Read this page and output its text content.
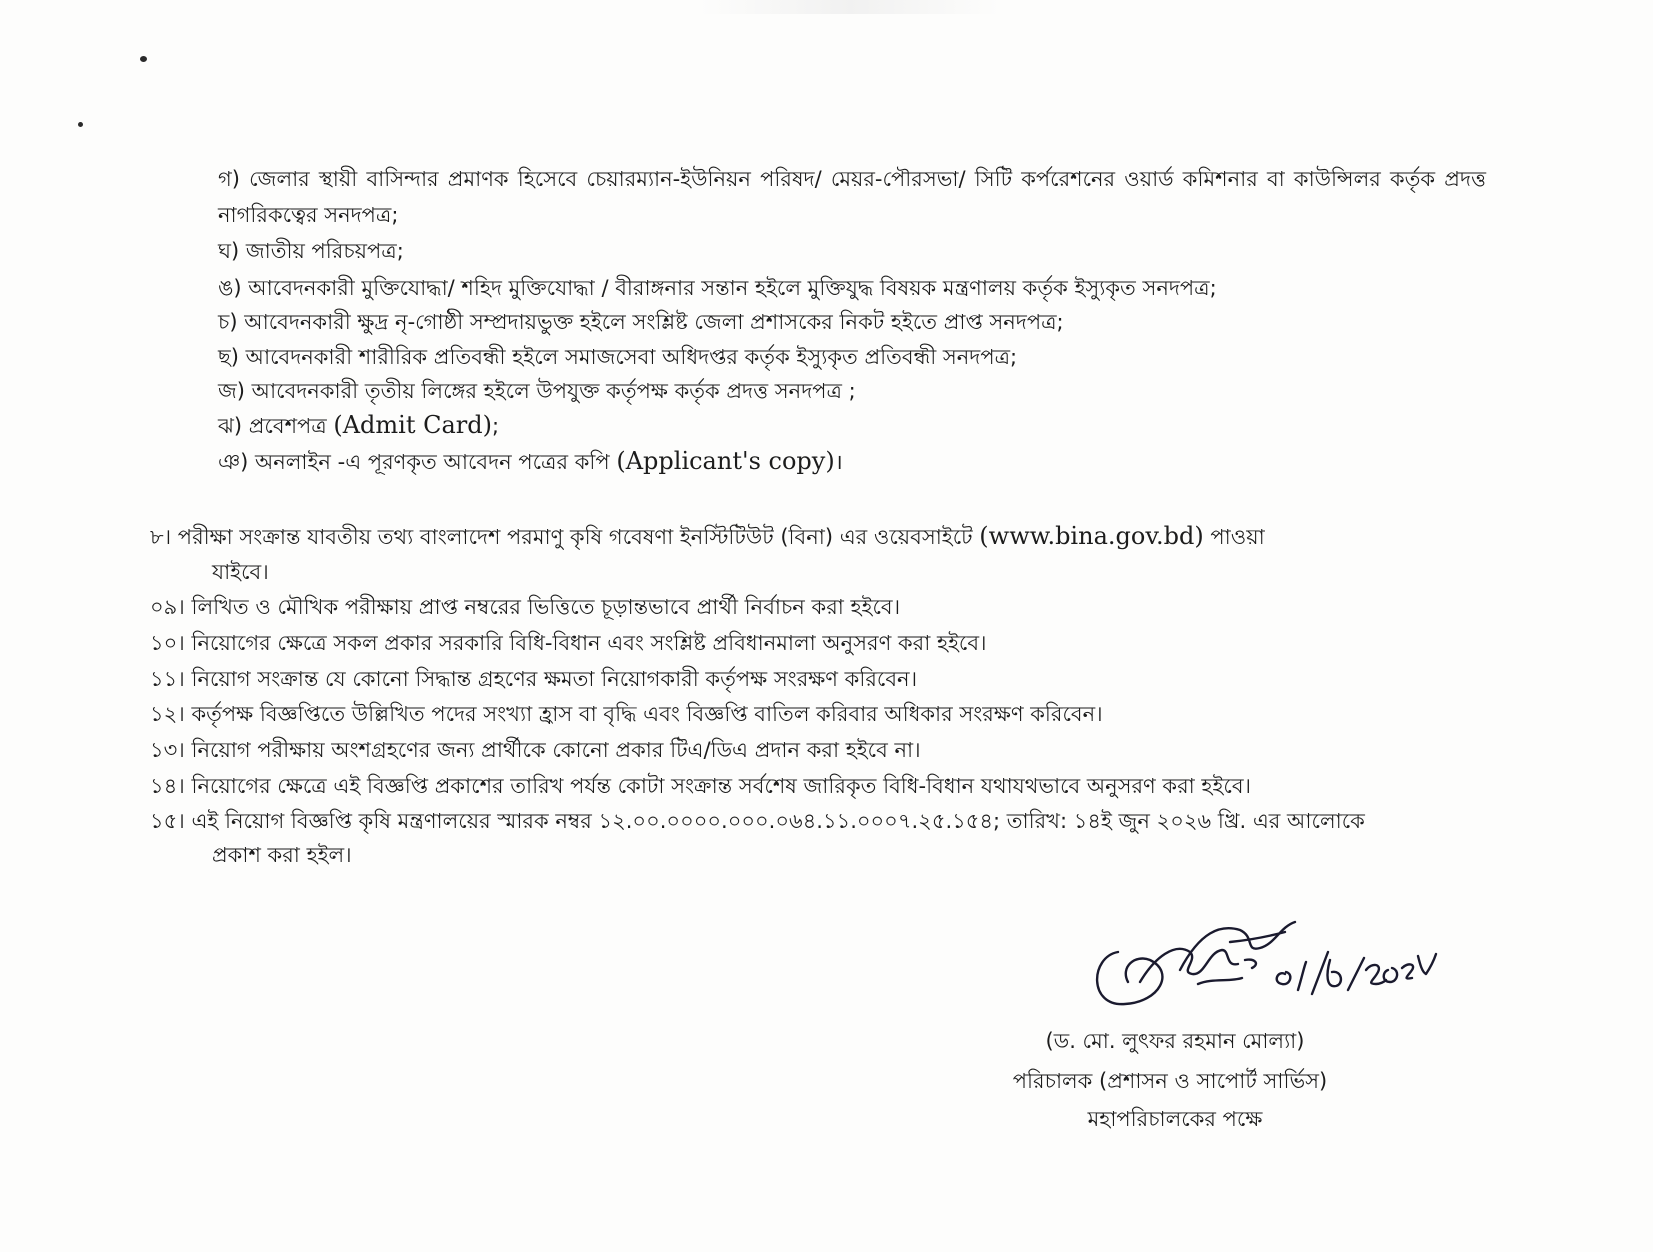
গ) জেলার স্থায়ী বাসিন্দার প্রমাণক হিসেবে চেয়ারম্যান-ইউনিয়ন পরিষদ/ মেয়র-পৌরসভা/ সিটি কর্পরেশনের ওয়ার্ড কমিশনার বা কাউন্সিলর কর্তৃক প্রদত্ত নাগরিকত্বের সনদপত্র;
ঘ) জাতীয় পরিচয়পত্র;
ঙ) আবেদনকারী মুক্তিযোদ্ধা/ শহিদ মুক্তিযোদ্ধা / বীরাঙ্গনার সন্তান হইলে মুক্তিযুদ্ধ বিষয়ক মন্ত্রণালয় কর্তৃক ইস্যুকৃত সনদপত্র;
চ) আবেদনকারী ক্ষুদ্র নৃ-গোষ্ঠী সম্প্রদায়ভুক্ত হইলে সংশ্লিষ্ট জেলা প্রশাসকের নিকট হইতে প্রাপ্ত সনদপত্র;
ছ) আবেদনকারী শারীরিক প্রতিবন্ধী হইলে সমাজসেবা অধিদপ্তর কর্তৃক ইস্যুকৃত প্রতিবন্ধী সনদপত্র;
জ) আবেদনকারী তৃতীয় লিঙ্গের হইলে উপযুক্ত কর্তৃপক্ষ কর্তৃক প্রদত্ত সনদপত্র ;
ঝ) প্রবেশপত্র (Admit Card);
ঞ) অনলাইন -এ পূরণকৃত আবেদন পত্রের কপি (Applicant's copy)।
৮। পরীক্ষা সংক্রান্ত যাবতীয় তথ্য বাংলাদেশ পরমাণু কৃষি গবেষণা ইনস্টিটিউট (বিনা) এর ওয়েবসাইটে (www.bina.gov.bd) পাওয়া
যাইবে।
০৯। লিখিত ও মৌখিক পরীক্ষায় প্রাপ্ত নম্বরের ভিত্তিতে চূড়ান্তভাবে প্রার্থী নির্বাচন করা হইবে।
১০। নিয়োগের ক্ষেত্রে সকল প্রকার সরকারি বিধি-বিধান এবং সংশ্লিষ্ট প্রবিধানমালা অনুসরণ করা হইবে।
১১। নিয়োগ সংক্রান্ত যে কোনো সিদ্ধান্ত গ্রহণের ক্ষমতা নিয়োগকারী কর্তৃপক্ষ সংরক্ষণ করিবেন।
১২। কর্তৃপক্ষ বিজ্ঞপ্তিতে উল্লিখিত পদের সংখ্যা হ্রাস বা বৃদ্ধি এবং বিজ্ঞপ্তি বাতিল করিবার অধিকার সংরক্ষণ করিবেন।
১৩। নিয়োগ পরীক্ষায় অংশগ্রহণের জন্য প্রার্থীকে কোনো প্রকার টিএ/ডিএ প্রদান করা হইবে না।
১৪। নিয়োগের ক্ষেত্রে এই বিজ্ঞপ্তি প্রকাশের তারিখ পর্যন্ত কোটা সংক্রান্ত সর্বশেষ জারিকৃত বিধি-বিধান যথাযথভাবে অনুসরণ করা হইবে।
১৫। এই নিয়োগ বিজ্ঞপ্তি কৃষি মন্ত্রণালয়ের স্মারক নম্বর ১২.০০.০০০০.০০০.০৬৪.১১.০০০৭.২৫.১৫৪; তারিখ: ১৪ই জুন ২০২৬ খ্রি. এর আলোকে
প্রকাশ করা হইল।
(ড. মো. লুৎফর রহমান মোল্যা)
পরিচালক (প্রশাসন ও সাপোর্ট সার্ভিস)
মহাপরিচালকের পক্ষে
